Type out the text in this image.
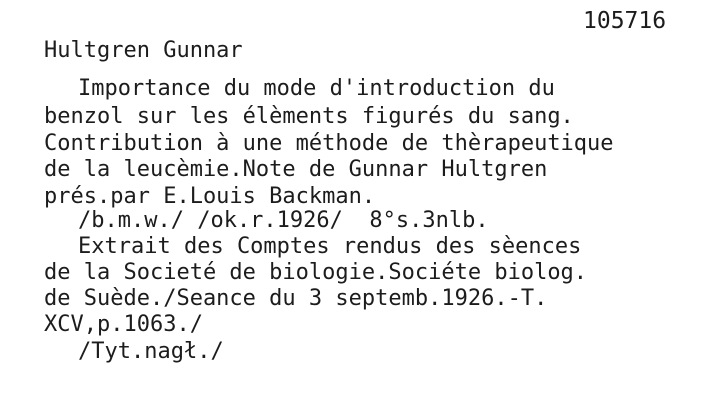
105716
Hultgren Gunnar
Importance du mode d'introduction du
benzol sur les élèments figurés du sang.
Contribution à une méthode de thèrapeutique
de la leucèmie.Note de Gunnar Hultgren
prés.par E.Louis Backman.
/b.m.w./ /ok.r.1926/  8°s.3nlb.
Extrait des Comptes rendus des sèences
de la Societé de biologie.Sociéte biolog.
de Suède./Seance du 3 septemb.1926.-T.
XCV,p.1063./
/Tyt.nagł./
